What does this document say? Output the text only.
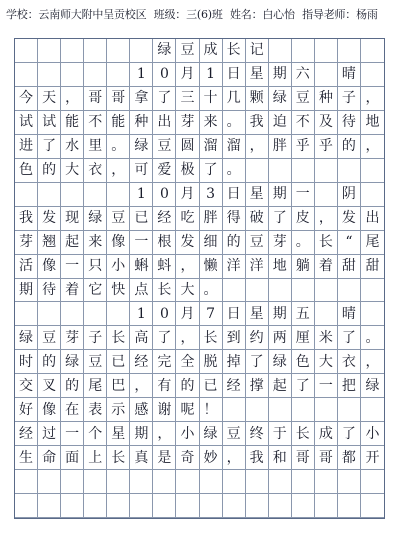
学校：云南师大附中呈贡校区 班级：三(6)班 姓名：白心怡 指导老师：杨雨
绿 豆 成 长 记
1	0 月 1 日 星 期 六	晴
今 天 ， 哥 哥 拿 了 三 十 几 颗 绿 豆 种 子 ，
试 试 能 不 能 种 出 芽 来 。 我 迫 不 及 待 地
进 了 水 里 。 绿 豆 圆 溜 溜 ， 胖 乎 乎 的 ，
色 的 大 衣 ， 可 爱 极 了 。
1	0 月 3 日 星 期 一	阴
我 发 现 绿 豆 已 经 吃 胖 得 破 了 皮 ， 发 出
芽 翘 起 来 像 一 根 发 细 的 豆 芽 。 长 “ 尾
活 像 一 只 小 蝌 蚪 ， 懒 洋 洋 地 躺 着 甜 甜
期 待 着 它 快 点 长 大 。
1	0 月 7 日 星 期 五	晴
绿 豆 芽 子 长 高 了 ， 长 到 约 两 厘 米 了 。
时 的 绿 豆 已 经 完 全 脱 掉 了 绿 色 大 衣 ，
交 叉 的 尾 巴 ， 有 的 已 经 撑 起 了 一 把 绿
好 像 在 表 示 感 谢 呢 ！
经 过 一 个 星 期 ， 小 绿 豆 终 于 长 成 了 小
生 命 面 上 长 真 是 奇 妙 ， 我 和 哥 哥 都 开
